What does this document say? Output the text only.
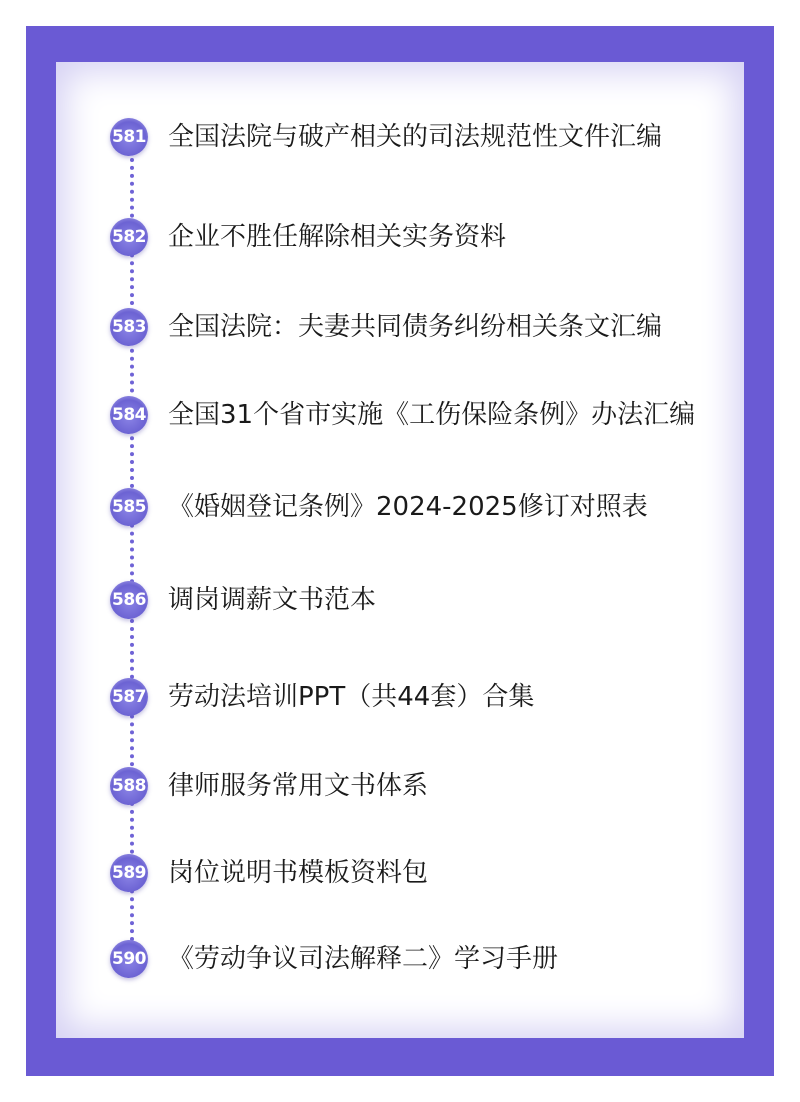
581 全国法院与破产相关的司法规范性文件汇编
582 企业不胜任解除相关实务资料
583 全国法院：夫妻共同债务纠纷相关条文汇编
584 全国31个省市实施《工伤保险条例》办法汇编
585 《婚姻登记条例》2024-2025修订对照表
586 调岗调薪文书范本
587 劳动法培训PPT（共44套）合集
588 律师服务常用文书体系
589 岗位说明书模板资料包
590 《劳动争议司法解释二》学习手册
